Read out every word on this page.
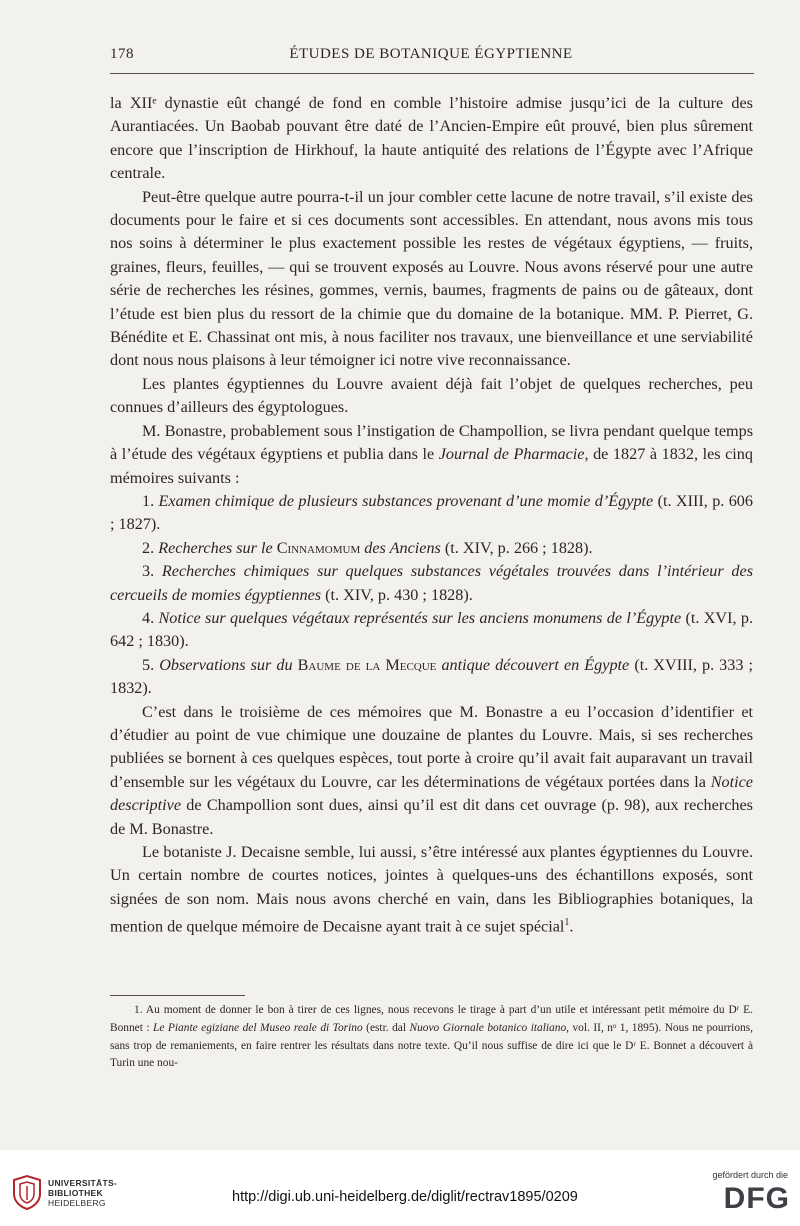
178	ÉTUDES DE BOTANIQUE ÉGYPTIENNE

la XIIᵉ dynastie eût changé de fond en comble l’histoire admise jusqu’ici de la culture des Aurantiacées. Un Baobab pouvant être daté de l’Ancien-Empire eût prouvé, bien plus sûrement encore que l’inscription de Hirkhouf, la haute antiquité des relations de l’Égypte avec l’Afrique centrale.

Peut-être quelque autre pourra-t-il un jour combler cette lacune de notre travail, s’il existe des documents pour le faire et si ces documents sont accessibles. En attendant, nous avons mis tous nos soins à déterminer le plus exactement possible les restes de végétaux égyptiens, — fruits, graines, fleurs, feuilles, — qui se trouvent exposés au Louvre. Nous avons réservé pour une autre série de recherches les résines, gommes, vernis, baumes, fragments de pains ou de gâteaux, dont l’étude est bien plus du ressort de la chimie que du domaine de la botanique. MM. P. Pierret, G. Bénédite et E. Chassinat ont mis, à nous faciliter nos travaux, une bienveillance et une serviabilité dont nous nous plaisons à leur témoigner ici notre vive reconnaissance.

Les plantes égyptiennes du Louvre avaient déjà fait l’objet de quelques recherches, peu connues d’ailleurs des égyptologues.

M. Bonastre, probablement sous l’instigation de Champollion, se livra pendant quelque temps à l’étude des végétaux égyptiens et publia dans le Journal de Pharmacie, de 1827 à 1832, les cinq mémoires suivants :

1. Examen chimique de plusieurs substances provenant d’une momie d’Égypte (t. XIII, p. 606 ; 1827).

2. Recherches sur le Cinnamomum des Anciens (t. XIV, p. 266 ; 1828).

3. Recherches chimiques sur quelques substances végétales trouvées dans l’intérieur des cercueils de momies égyptiennes (t. XIV, p. 430 ; 1828).

4. Notice sur quelques végétaux représentés sur les anciens monumens de l’Égypte (t. XVI, p. 642 ; 1830).

5. Observations sur du Baume de la Mecque antique découvert en Égypte (t. XVIII, p. 333 ; 1832).

C’est dans le troisième de ces mémoires que M. Bonastre a eu l’occasion d’identifier et d’étudier au point de vue chimique une douzaine de plantes du Louvre. Mais, si ses recherches publiées se bornent à ces quelques espèces, tout porte à croire qu’il avait fait auparavant un travail d’ensemble sur les végétaux du Louvre, car les déterminations de végétaux portées dans la Notice descriptive de Champollion sont dues, ainsi qu’il est dit dans cet ouvrage (p. 98), aux recherches de M. Bonastre.

Le botaniste J. Decaisne semble, lui aussi, s’être intéressé aux plantes égyptiennes du Louvre. Un certain nombre de courtes notices, jointes à quelques-uns des échantillons exposés, sont signées de son nom. Mais nous avons cherché en vain, dans les Bibliographies botaniques, la mention de quelque mémoire de Decaisne ayant trait à ce sujet spécial$^1$.

1. Au moment de donner le bon à tirer de ces lignes, nous recevons le tirage à part d’un utile et intéressant petit mémoire du Dʳ E. Bonnet : Le Piante egiziane del Museo reale di Torino (estr. dal Nuovo Giornale botanico italiano, vol. II, nᵒ 1, 1895). Nous ne pourrions, sans trop de remaniements, en faire rentrer les résultats dans notre texte. Qu’il nous suffise de dire ici que le Dʳ E. Bonnet a découvert à Turin une nou-
UNIVERSITÄTS-
BIBLIOTHEK
HEIDELBERG	http://digi.ub.uni-heidelberg.de/diglit/rectrav1895/0209
gefördert durch die
DFG
